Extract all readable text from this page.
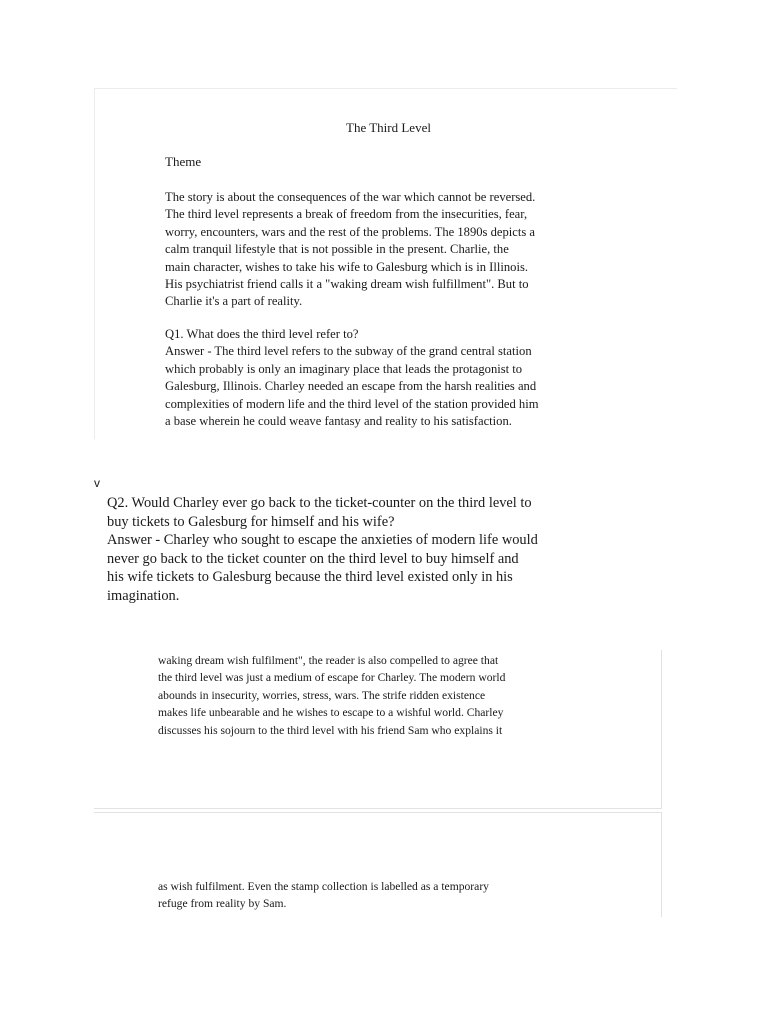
The Third Level
Theme
The story is about the consequences of the war which cannot be reversed.
The third level represents a break of freedom from the insecurities, fear,
worry, encounters, wars and the rest of the problems. The 1890s depicts a
calm tranquil lifestyle that is not possible in the present. Charlie, the
main character, wishes to take his wife to Galesburg which is in Illinois.
His psychiatrist friend calls it a "waking dream wish fulfillment". But to
Charlie it's a part of reality.
Q1. What does the third level refer to?
Answer - The third level refers to the subway of the grand central station
which probably is only an imaginary place that leads the protagonist to
Galesburg, Illinois. Charley needed an escape from the harsh realities and
complexities of modern life and the third level of the station provided him
a base wherein he could weave fantasy and reality to his satisfaction.
v
Q2. Would Charley ever go back to the ticket-counter on the third level to
buy tickets to Galesburg for himself and his wife?
Answer - Charley who sought to escape the anxieties of modern life would
never go back to the ticket counter on the third level to buy himself and
his wife tickets to Galesburg because the third level existed only in his
imagination.
waking dream wish fulfilment", the reader is also compelled to agree that
the third level was just a medium of escape for Charley. The modern world
abounds in insecurity, worries, stress, wars. The strife ridden existence
makes life unbearable and he wishes to escape to a wishful world. Charley
discusses his sojourn to the third level with his friend Sam who explains it
as wish fulfilment. Even the stamp collection is labelled as a temporary
refuge from reality by Sam.
